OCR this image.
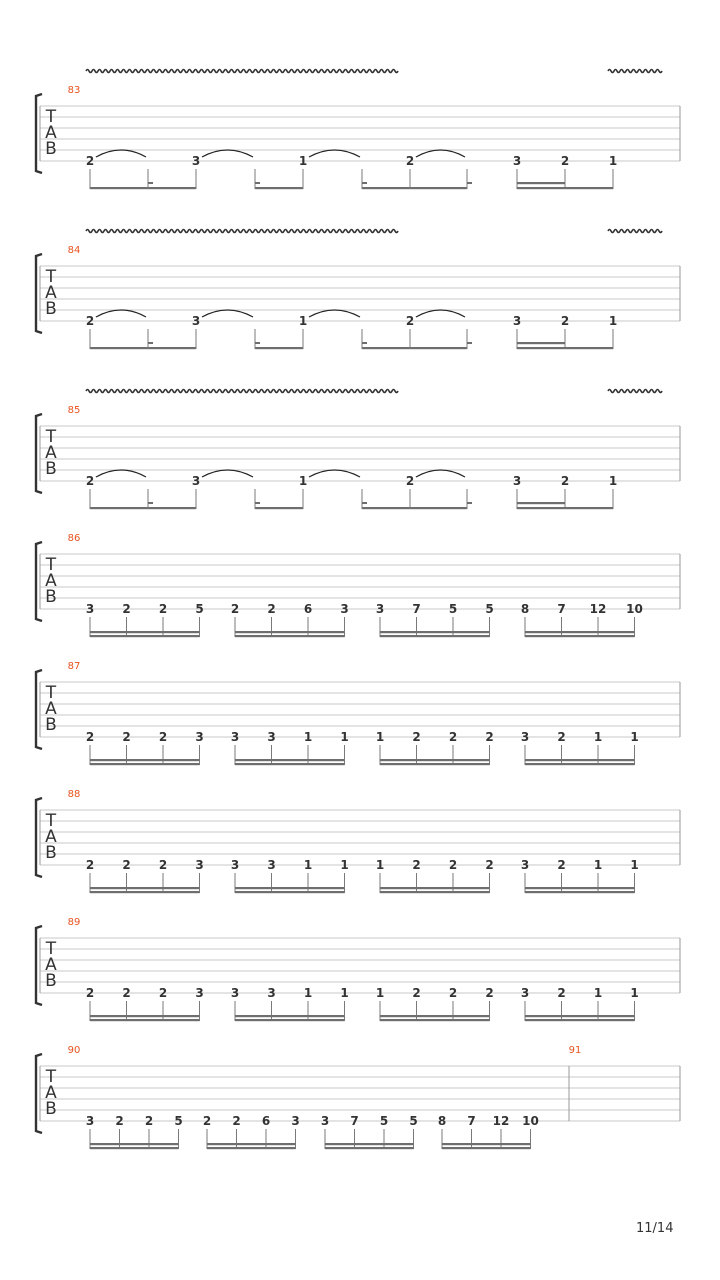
T
A
B
83
2	3	1	2	3	2	1
T
A
B
84
2	3	1	2	3	2	1
T
A
B
85
2	3	1	2	3	2	1
T
A
B
86
3 2 2 5 2 2 6 3 3 7 5 5 8 7 12 10
T
A
B
87
2 2 2 3 3 3 1 1 1 2 2 2 3 2 1 1
T
A
B
88
2 2 2 3 3 3 1 1 1 2 2 2 3 2 1 1
T
A
B
89
2 2 2 3 3 3 1 1 1 2 2 2 3 2 1 1
T
A
B
90	91
3 2 2 5 2 2 6 3 3 7 5 5 8 7 12 10
11/14
